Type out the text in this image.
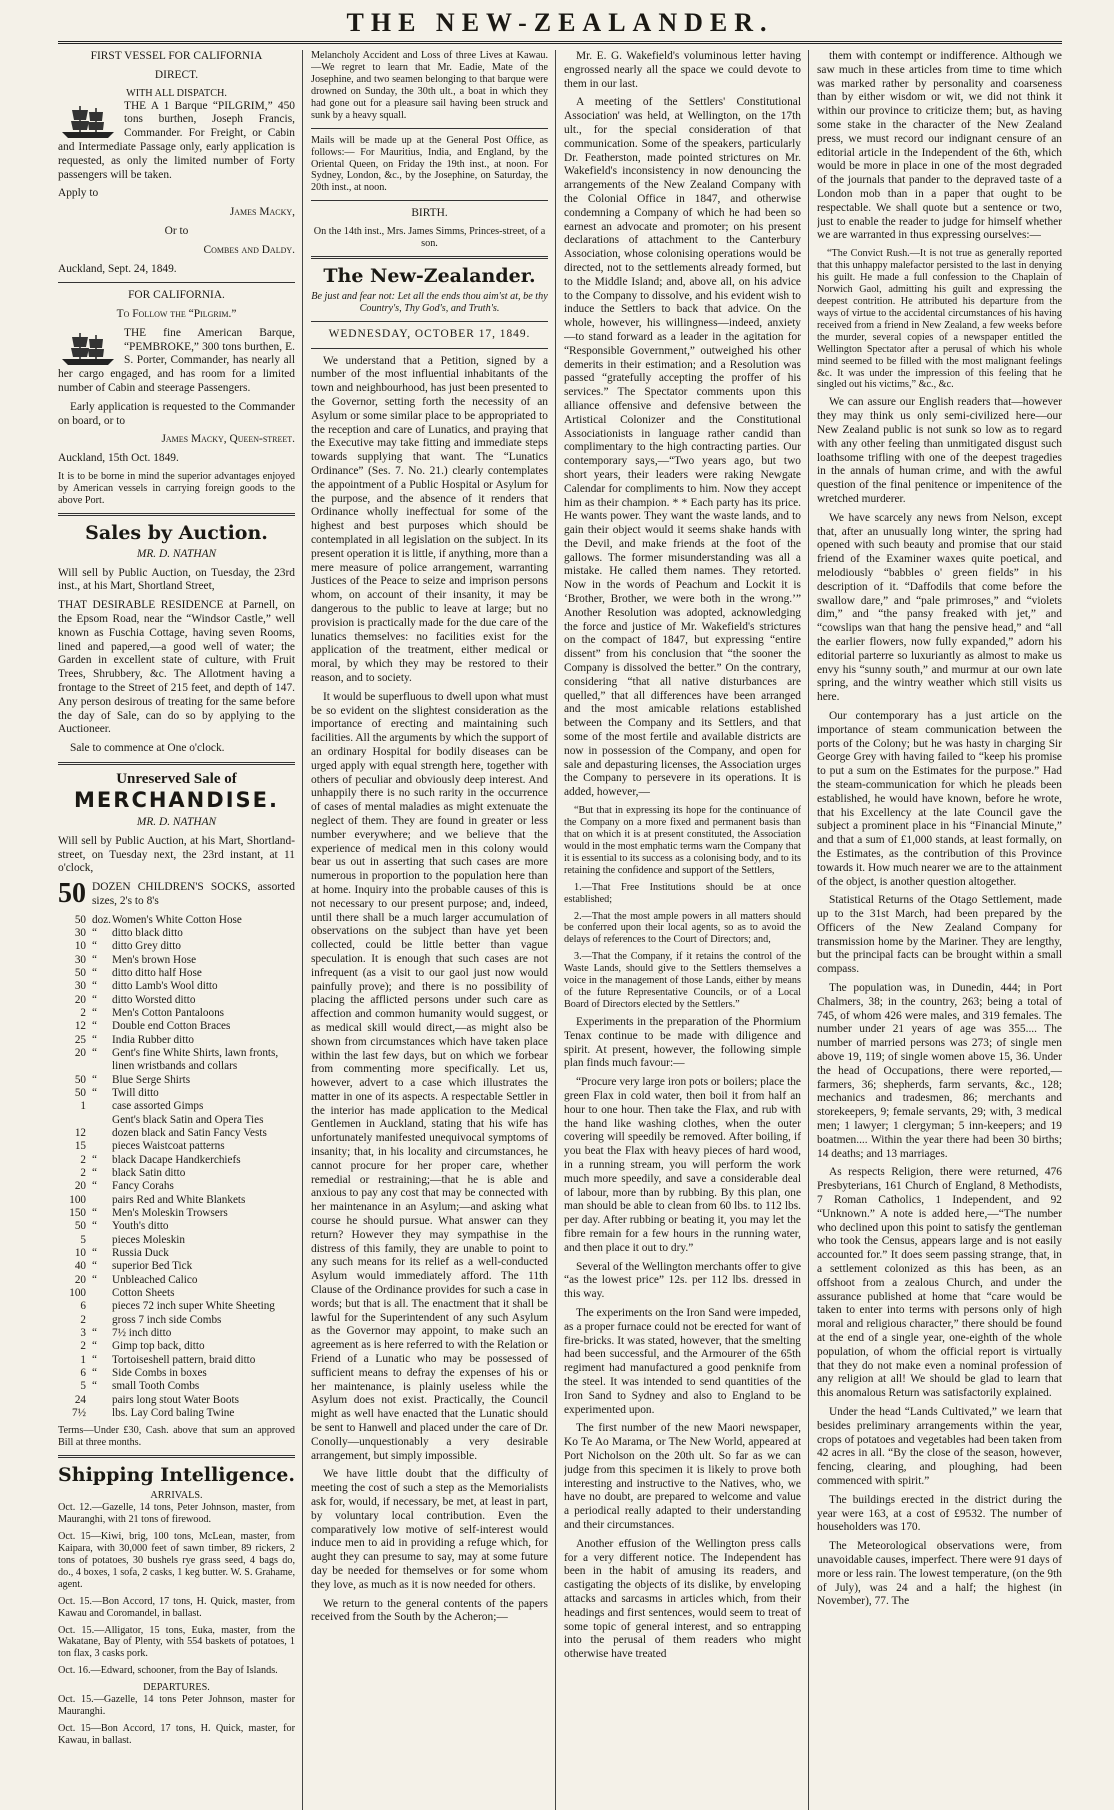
THE NEW-ZEALANDER.
FIRST VESSEL FOR CALIFORNIA
DIRECT.
WITH ALL DISPATCH.

THE A 1 Barque “PILGRIM,” 450 tons burthen, Joseph Francis, Commander. For Freight, or Cabin and Intermediate Passage only, early application is requested, as only the limited number of Forty passengers will be taken.

Apply to
James Macky,
Or to
Combes and Daldy.
Auckland, Sept. 24, 1849.
FOR CALIFORNIA.
To Follow the “Pilgrim.”

THE fine American Barque, “PEMBROKE,” 300 tons burthen, E. S. Porter, Commander, has nearly all her cargo engaged, and has room for a limited number of Cabin and steerage Passengers.

Early application is requested to the Commander on board, or to

James Macky, Queen-street.
Auckland, 15th Oct. 1849.

It is to be borne in mind the superior advantages enjoyed by American vessels in carrying foreign goods to the above Port.

Sales by Auction.
MR. D. NATHAN

Will sell by Public Auction, on Tuesday, the 23rd inst., at his Mart, Shortland Street,

THAT DESIRABLE RESIDENCE at Parnell, on the Epsom Road, near the “Windsor Castle,” well known as Fuschia Cottage, having seven Rooms, lined and papered,—a good well of water; the Garden in excellent state of culture, with Fruit Trees, Shrubbery, &c. The Allotment having a frontage to the Street of 215 feet, and depth of 147. Any person desirous of treating for the same before the day of Sale, can do so by applying to the Auctioneer.

Sale to commence at One o'clock.
Unreserved Sale of
MERCHANDISE.
MR. D. NATHAN

Will sell by Public Auction, at his Mart, Shortland-street, on Tuesday next, the 23rd instant, at 11 o'clock,

50 DOZEN CHILDREN'S SOCKS, assorted sizes, 2's to 8's
50 doz. Women's White Cotton Hose
30 “	ditto black ditto
10 “	ditto Grey ditto
30 “	Men's brown Hose
50 “	ditto ditto half Hose
30 “	ditto Lamb's Wool ditto
20 “	ditto Worsted ditto
2 “	Men's Cotton Pantaloons
12 “	Double end Cotton Braces
25 “	India Rubber ditto
20 “	Gent's fine White Shirts, lawn fronts, linen wristbands and collars
50 “	Blue Serge Shirts
50 “	Twill ditto
1	case assorted Gimps
Gent's black Satin and Opera Ties
12	dozen black and Satin Fancy Vests
15	pieces Waistcoat patterns
2 “	black Dacape Handkerchiefs
2 “	black Satin ditto
20 “	Fancy Corahs
100	pairs Red and White Blankets
150 “	Men's Moleskin Trowsers
50 “	Youth's ditto
5	pieces Moleskin
10 “	Russia Duck
40 “	superior Bed Tick
20 “	Unbleached Calico
100	Cotton Sheets
6	pieces 72 inch super White Sheeting
2	gross 7 inch side Combs
3 “	7½ inch ditto
2 “	Gimp top back, ditto
1 “	Tortoiseshell pattern, braid ditto
6 “	Side Combs in boxes
5 “	small Tooth Combs
24	pairs long stout Water Boots
7½	lbs. Lay Cord baling Twine

Terms—Under £30, Cash. above that sum an approved Bill at three months.

Shipping Intelligence.
ARRIVALS.

Oct. 12.—Gazelle, 14 tons, Peter Johnson, master, from Mauranghi, with 21 tons of firewood.

Oct. 15—Kiwi, brig, 100 tons, McLean, master, from Kaipara, with 30,000 feet of sawn timber, 89 rickers, 2 tons of potatoes, 30 bushels rye grass seed, 4 bags do, do., 4 boxes, 1 sofa, 2 casks, 1 keg butter. W. S. Grahame, agent.

Oct. 15.—Bon Accord, 17 tons, H. Quick, master, from Kawau and Coromandel, in ballast.

Oct. 15.—Alligator, 15 tons, Euka, master, from the Wakatane, Bay of Plenty, with 554 baskets of potatoes, 1 ton flax, 3 casks pork.

Oct. 16.—Edward, schooner, from the Bay of Islands.

DEPARTURES.

Oct. 15.—Gazelle, 14 tons Peter Johnson, master for Mauranghi.

Oct. 15—Bon Accord, 17 tons, H. Quick, master, for Kawau, in ballast.

Melancholy Accident and Loss of three Lives at Kawau.—We regret to learn that Mr. Eadie, Mate of the Josephine, and two seamen belonging to that barque were drowned on Sunday, the 30th ult., a boat in which they had gone out for a pleasure sail having been struck and sunk by a heavy squall.

Mails will be made up at the General Post Office, as follows:— For Mauritius, India, and England, by the Oriental Queen, on Friday the 19th inst., at noon. For Sydney, London, &c., by the Josephine, on Saturday, the 20th inst., at noon.

BIRTH.

On the 14th inst., Mrs. James Simms, Princes-street, of a son.

The New-Zealander.

Be just and fear not: Let all the ends thou aim'st at, be thy Country's, Thy God's, and Truth's.

WEDNESDAY, OCTOBER 17, 1849.

We understand that a Petition, signed by a number of the most influential inhabitants of the town and neighbourhood, has just been presented to the Governor, setting forth the necessity of an Asylum or some similar place to be appropriated to the reception and care of Lunatics, and praying that the Executive may take fitting and immediate steps towards supplying that want. The “Lunatics Ordinance” (Ses. 7. No. 21.) clearly contemplates the appointment of a Public Hospital or Asylum for the purpose, and the absence of it renders that Ordinance wholly ineffectual for some of the highest and best purposes which should be contemplated in all legislation on the subject. In its present operation it is little, if anything, more than a mere measure of police arrangement, warranting Justices of the Peace to seize and imprison persons whom, on account of their insanity, it may be dangerous to the public to leave at large; but no provision is practically made for the due care of the lunatics themselves: no facilities exist for the application of the treatment, either medical or moral, by which they may be restored to their reason, and to society.

It would be superfluous to dwell upon what must be so evident on the slightest consideration as the importance of erecting and maintaining such facilities. All the arguments by which the support of an ordinary Hospital for bodily diseases can be urged apply with equal strength here, together with others of peculiar and obviously deep interest. And unhappily there is no such rarity in the occurrence of cases of mental maladies as might extenuate the neglect of them. They are found in greater or less number everywhere; and we believe that the experience of medical men in this colony would bear us out in asserting that such cases are more numerous in proportion to the population here than at home. Inquiry into the probable causes of this is not necessary to our present purpose; and, indeed, until there shall be a much larger accumulation of observations on the subject than have yet been collected, could be little better than vague speculation. It is enough that such cases are not infrequent (as a visit to our gaol just now would painfully prove); and there is no possibility of placing the afflicted persons under such care as affection and common humanity would suggest, or as medical skill would direct,—as might also be shown from circumstances which have taken place within the last few days, but on which we forbear from commenting more specifically. Let us, however, advert to a case which illustrates the matter in one of its aspects. A respectable Settler in the interior has made application to the Medical Gentlemen in Auckland, stating that his wife has unfortunately manifested unequivocal symptoms of insanity; that, in his locality and circumstances, he cannot procure for her proper care, whether remedial or restraining;—that he is able and anxious to pay any cost that may be connected with her maintenance in an Asylum;—and asking what course he should pursue. What answer can they return? However they may sympathise in the distress of this family, they are unable to point to any such means for its relief as a well-conducted Asylum would immediately afford. The 11th Clause of the Ordinance provides for such a case in words; but that is all. The enactment that it shall be lawful for the Superintendent of any such Asylum as the Governor may appoint, to make such an agreement as is here referred to with the Relation or Friend of a Lunatic who may be possessed of sufficient means to defray the expenses of his or her maintenance, is plainly useless while the Asylum does not exist. Practically, the Council might as well have enacted that the Lunatic should be sent to Hanwell and placed under the care of Dr. Conolly—unquestionably a very desirable arrangement, but simply impossible.

We have little doubt that the difficulty of meeting the cost of such a step as the Memorialists ask for, would, if necessary, be met, at least in part, by voluntary local contribution. Even the comparatively low motive of self-interest would induce men to aid in providing a refuge which, for aught they can presume to say, may at some future day be needed for themselves or for some whom they love, as much as it is now needed for others.

We return to the general contents of the papers received from the South by the Acheron;—

Mr. E. G. Wakefield's voluminous letter having engrossed nearly all the space we could devote to them in our last.

A meeting of the Settlers' Constitutional Association' was held, at Wellington, on the 17th ult., for the special consideration of that communication. Some of the speakers, particularly Dr. Featherston, made pointed strictures on Mr. Wakefield's inconsistency in now denouncing the arrangements of the New Zealand Company with the Colonial Office in 1847, and otherwise condemning a Company of which he had been so earnest an advocate and promoter; on his present declarations of attachment to the Canterbury Association, whose colonising operations would be directed, not to the settlements already formed, but to the Middle Island; and, above all, on his advice to the Company to dissolve, and his evident wish to induce the Settlers to back that advice. On the whole, however, his willingness—indeed, anxiety—to stand forward as a leader in the agitation for “Responsible Government,” outweighed his other demerits in their estimation; and a Resolution was passed “gratefully accepting the proffer of his services.” The Spectator comments upon this alliance offensive and defensive between the Artistical Colonizer and the Constitutional Associationists in language rather candid than complimentary to the high contracting parties. Our contemporary says,—“Two years ago, but two short years, their leaders were raking Newgate Calendar for compliments to him. Now they accept him as their champion. * * Each party has its price. He wants power. They want the waste lands, and to gain their object would it seems shake hands with the Devil, and make friends at the foot of the gallows. The former misunderstanding was all a mistake. He called them names. They retorted. Now in the words of Peachum and Lockit it is ‘Brother, Brother, we were both in the wrong.’” Another Resolution was adopted, acknowledging the force and justice of Mr. Wakefield's strictures on the compact of 1847, but expressing “entire dissent” from his conclusion that “the sooner the Company is dissolved the better.” On the contrary, considering “that all native disturbances are quelled,” that all differences have been arranged and the most amicable relations established between the Company and its Settlers, and that some of the most fertile and available districts are now in possession of the Company, and open for sale and depasturing licenses, the Association urges the Company to persevere in its operations. It is added, however,—

“But that in expressing its hope for the continuance of the Company on a more fixed and permanent basis than that on which it is at present constituted, the Association would in the most emphatic terms warn the Company that it is essential to its success as a colonising body, and to its retaining the confidence and support of the Settlers,

1.—That Free Institutions should be at once established;

2.—That the most ample powers in all matters should be conferred upon their local agents, so as to avoid the delays of references to the Court of Directors; and,

3.—That the Company, if it retains the control of the Waste Lands, should give to the Settlers themselves a voice in the management of those Lands, either by means of the future Representative Councils, or of a Local Board of Directors elected by the Settlers.”

Experiments in the preparation of the Phormium Tenax continue to be made with diligence and spirit. At present, however, the following simple plan finds much favour:—

“Procure very large iron pots or boilers; place the green Flax in cold water, then boil it from half an hour to one hour. Then take the Flax, and rub with the hand like washing clothes, when the outer covering will speedily be removed. After boiling, if you beat the Flax with heavy pieces of hard wood, in a running stream, you will perform the work much more speedily, and save a considerable deal of labour, more than by rubbing. By this plan, one man should be able to clean from 60 lbs. to 112 lbs. per day. After rubbing or beating it, you may let the fibre remain for a few hours in the running water, and then place it out to dry.”

Several of the Wellington merchants offer to give “as the lowest price” 12s. per 112 lbs. dressed in this way.

The experiments on the Iron Sand were impeded, as a proper furnace could not be erected for want of fire-bricks. It was stated, however, that the smelting had been successful, and the Armourer of the 65th regiment had manufactured a good penknife from the steel. It was intended to send quantities of the Iron Sand to Sydney and also to England to be experimented upon.

The first number of the new Maori newspaper, Ko Te Ao Marama, or The New World, appeared at Port Nicholson on the 20th ult. So far as we can judge from this specimen it is likely to prove both interesting and instructive to the Natives, who, we have no doubt, are prepared to welcome and value a periodical really adapted to their understanding and their circumstances.

Another effusion of the Wellington press calls for a very different notice. The Independent has been in the habit of amusing its readers, and castigating the objects of its dislike, by enveloping attacks and sarcasms in articles which, from their headings and first sentences, would seem to treat of some topic of general interest, and so entrapping into the perusal of them readers who might otherwise have treated

them with contempt or indifference. Although we saw much in these articles from time to time which was marked rather by personality and coarseness than by either wisdom or wit, we did not think it within our province to criticize them; but, as having some stake in the character of the New Zealand press, we must record our indignant censure of an editorial article in the Independent of the 6th, which would be more in place in one of the most degraded of the journals that pander to the depraved taste of a London mob than in a paper that ought to be respectable. We shall quote but a sentence or two, just to enable the reader to judge for himself whether we are warranted in thus expressing ourselves:—

“The Convict Rush.—It is not true as generally reported that this unhappy malefactor persisted to the last in denying his guilt. He made a full confession to the Chaplain of Norwich Gaol, admitting his guilt and expressing the deepest contrition. He attributed his departure from the ways of virtue to the accidental circumstances of his having received from a friend in New Zealand, a few weeks before the murder, several copies of a newspaper entitled the Wellington Spectator after a perusal of which his whole mind seemed to be filled with the most malignant feelings &c. It was under the impression of this feeling that he singled out his victims,” &c., &c.

We can assure our English readers that—however they may think us only semi-civilized here—our New Zealand public is not sunk so low as to regard with any other feeling than unmitigated disgust such loathsome trifling with one of the deepest tragedies in the annals of human crime, and with the awful question of the final penitence or impenitence of the wretched murderer.

We have scarcely any news from Nelson, except that, after an unusually long winter, the spring had opened with such beauty and promise that our staid friend of the Examiner waxes quite poetical, and melodiously “babbles o' green fields” in his description of it. “Daffodils that come before the swallow dare,” and “pale primroses,” and “violets dim,” and “the pansy freaked with jet,” and “cowslips wan that hang the pensive head,” and “all the earlier flowers, now fully expanded,” adorn his editorial parterre so luxuriantly as almost to make us envy his “sunny south,” and murmur at our own late spring, and the wintry weather which still visits us here.

Our contemporary has a just article on the importance of steam communication between the ports of the Colony; but he was hasty in charging Sir George Grey with having failed to “keep his promise to put a sum on the Estimates for the purpose.” Had the steam-communication for which he pleads been established, he would have known, before he wrote, that his Excellency at the late Council gave the subject a prominent place in his “Financial Minute,” and that a sum of £1,000 stands, at least formally, on the Estimates, as the contribution of this Province towards it. How much nearer we are to the attainment of the object, is another question altogether.

Statistical Returns of the Otago Settlement, made up to the 31st March, had been prepared by the Officers of the New Zealand Company for transmission home by the Mariner. They are lengthy, but the principal facts can be brought within a small compass.

The population was, in Dunedin, 444; in Port Chalmers, 38; in the country, 263; being a total of 745, of whom 426 were males, and 319 females. The number under 21 years of age was 355.... The number of married persons was 273; of single men above 19, 119; of single women above 15, 36. Under the head of Occupations, there were reported,—farmers, 36; shepherds, farm servants, &c., 128; mechanics and tradesmen, 86; merchants and storekeepers, 9; female servants, 29; with, 3 medical men; 1 lawyer; 1 clergyman; 5 inn-keepers; and 19 boatmen.... Within the year there had been 30 births; 14 deaths; and 13 marriages.

As respects Religion, there were returned, 476 Presbyterians, 161 Church of England, 8 Methodists, 7 Roman Catholics, 1 Independent, and 92 “Unknown.” A note is added here,—“The number who declined upon this point to satisfy the gentleman who took the Census, appears large and is not easily accounted for.” It does seem passing strange, that, in a settlement colonized as this has been, as an offshoot from a zealous Church, and under the assurance published at home that “care would be taken to enter into terms with persons only of high moral and religious character,” there should be found at the end of a single year, one-eighth of the whole population, of whom the official report is virtually that they do not make even a nominal profession of any religion at all! We should be glad to learn that this anomalous Return was satisfactorily explained.

Under the head “Lands Cultivated,” we learn that besides preliminary arrangements within the year, crops of potatoes and vegetables had been taken from 42 acres in all. “By the close of the season, however, fencing, clearing, and ploughing, had been commenced with spirit.”

The buildings erected in the district during the year were 163, at a cost of £9532. The number of householders was 170.

The Meteorological observations were, from unavoidable causes, imperfect. There were 91 days of more or less rain. The lowest temperature, (on the 9th of July), was 24 and a half; the highest (in November), 77. The
